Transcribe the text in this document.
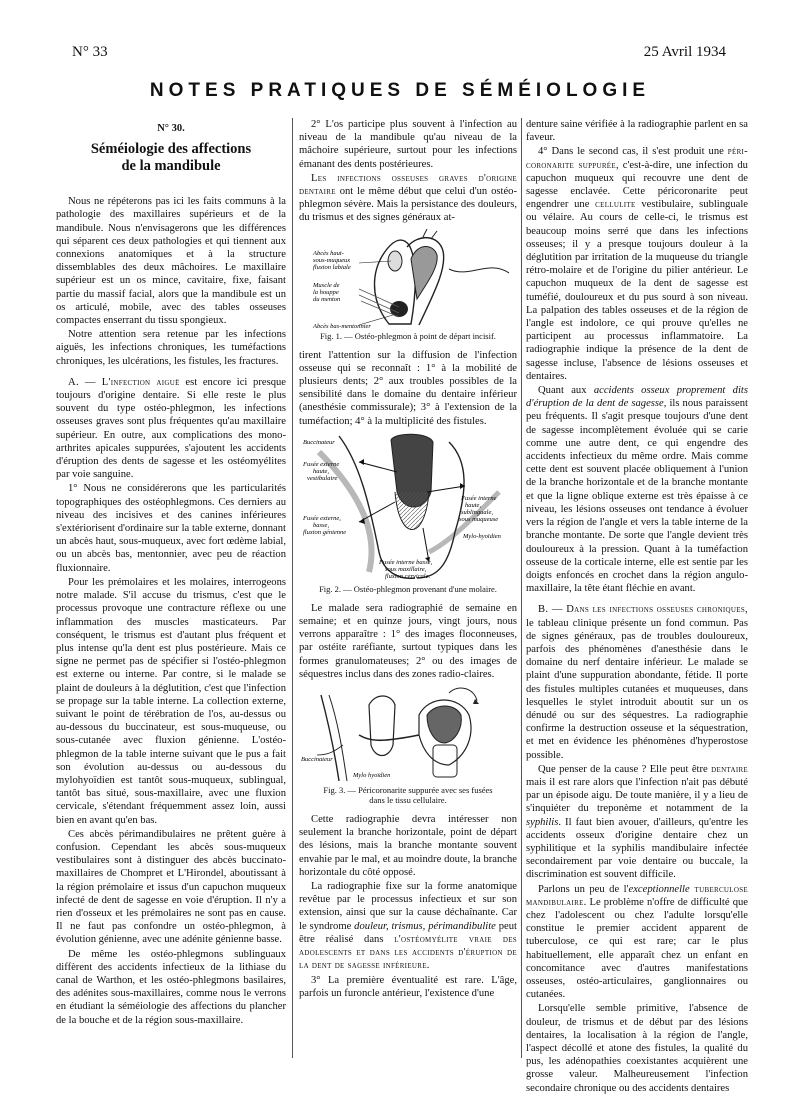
N° 33	25 Avril 1934
NOTES PRATIQUES DE SÉMÉIOLOGIE
N° 30.
Séméiologie des affections
de la mandibule

Nous ne répéterons pas ici les faits communs à la pathologie des maxillaires supérieurs et de la mandibule. Nous n'envisagerons que les différences qui séparent ces deux pathologies et qui tiennent aux connexions anatomiques et à la structure dissemblables des deux mâchoires. Le maxillaire supérieur est un os mince, cavitaire, fixe, faisant partie du massif facial, alors que la mandibule est un os articulé, mobile, avec des tables osseuses compactes enserrant du tissu spongieux.

Notre attention sera retenue par les infections aiguës, les infections chroniques, les tuméfactions chroniques, les ulcérations, les fistules, les fractures.

A. — L'infection aiguë est encore ici presque toujours d'origine dentaire. Si elle reste le plus souvent du type ostéo-phlegmon, les infections osseuses graves sont plus fréquentes qu'au maxillaire supérieur. En outre, aux complications des mono-arthrites apicales suppurées, s'ajoutent les accidents d'éruption des dents de sagesse et les ostéomyélites par voie sanguine.

1° Nous ne considérerons que les particularités topographiques des ostéophlegmons. Ces derniers au niveau des incisives et des canines inférieures s'extériorisent d'ordinaire sur la table externe, donnant un abcès haut, sous-muqueux, avec fort œdème labial, ou un abcès bas, mentonnier, avec peu de réaction fluxionnaire.

Pour les prémolaires et les molaires, interrogeons notre malade. S'il accuse du trismus, c'est que le processus provoque une contracture réflexe ou une inflammation des muscles masticateurs. Par conséquent, le trismus est d'autant plus fréquent et plus intense qu'la dent est plus postérieure. Mais ce signe ne permet pas de spécifier si l'ostéo-phlegmon est externe ou interne. Par contre, si le malade se plaint de douleurs à la déglutition, c'est que l'infection se propage sur la table interne. La collection externe, suivant le point de térébration de l'os, au-dessus ou au-dessous du buccinateur, est sous-muqueuse, ou sous-cutanée avec fluxion génienne. L'ostéo-phlegmon de la table interne suivant que le pus a fait son évolution au-dessus ou au-dessous du mylohyoïdien est tantôt sous-muqueux, sublingual, tantôt bas situé, sous-maxillaire, avec une fluxion cervicale, s'étendant fréquemment assez loin, aussi bien en avant qu'en bas.

Ces abcès périmandibulaires ne prêtent guère à confusion. Cependant les abcès sous-muqueux vestibulaires sont à distinguer des abcès buccinato-maxillaires de Chompret et L'Hirondel, aboutissant à la région prémolaire et issus d'un capuchon muqueux infecté de dent de sagesse en voie d'éruption. Il n'y a rien d'osseux et les prémolaires ne sont pas en cause. Il ne faut pas confondre un ostéo-phlegmon, à évolution génienne, avec une adénite génienne basse.

De même les ostéo-phlegmons sublinguaux diffèrent des accidents infectieux de la lithiase du canal de Warthon, et les ostéo-phlegmons basilaires, des adénites sous-maxillaires, comme nous le verrons en étudiant la séméiologie des affections du plancher de la bouche et de la région sous-maxillaire.

2° L'os participe plus souvent à l'infection au niveau de la mandibule qu'au niveau de la mâchoire supérieure, surtout pour les infections émanant des dents postérieures.

Les infections osseuses graves d'origine dentaire ont le même début que celui d'un ostéo-phlegmon sévère. Mais la persistance des douleurs, du trismus et des signes généraux at-

Abcès haut-
sous-muqueux
fluxion labiale
Muscle de
la houppe
du menton
Abcès bas-mentonnier
Fig. 1. — Ostéo-phlegmon à point de départ incisif.

tirent l'attention sur la diffusion de l'infection osseuse qui se reconnaît : 1° à la mobilité de plusieurs dents; 2° aux troubles possibles de la sensibilité dans le domaine du dentaire inférieur (anesthésie commissurale); 3° à l'extension de la tuméfaction; 4° à la multiplicité des fistules.

Buccinateur
Fusée externe
haute,
vestibulaire
Fusée externe,
basse,
fluxion génienne
Fusée interne
haute,
sublinguale,
sous muqueuse
Mylo-hyoïdien
Fusée interne basse,
sous maxillaire,
fluxion cervicale.
Fig. 2. — Ostéo-phlegmon provenant d'une molaire.

Le malade sera radiographié de semaine en semaine; et en quinze jours, vingt jours, nous verrons apparaître : 1° des images floconneuses, par ostéite raréfiante, surtout typiques dans les formes granulomateuses; 2° ou des images de séquestres inclus dans des zones radio-claires.

Buccinateur
Mylo hyoïdien
Fig. 3. — Péricoronarite suppurée avec ses fusées
dans le tissu cellulaire.

Cette radiographie devra intéresser non seulement la branche horizontale, point de départ des lésions, mais la branche montante souvent envahie par le mal, et au moindre doute, la branche horizontale du côté opposé.

La radiographie fixe sur la forme anatomique revêtue par le processus infectieux et sur son extension, ainsi que sur la cause déchaînante. Car le syndrome douleur, trismus, périmandibulite peut être réalisé dans l'ostéomyélite vraie des adolescents et dans les accidents d'éruption de la dent de sagesse inférieure.

3° La première éventualité est rare. L'âge, parfois un furoncle antérieur, l'existence d'une

denture saine vérifiée à la radiographie parlent en sa faveur.

4° Dans le second cas, il s'est produit une péri-coronarite suppurée, c'est-à-dire, une infection du capuchon muqueux qui recouvre une dent de sagesse enclavée. Cette péricoronarite peut engendrer une cellulite vestibulaire, sublinguale ou vélaire. Au cours de celle-ci, le trismus est beaucoup moins serré que dans les infections osseuses; il y a presque toujours douleur à la déglutition par irritation de la muqueuse du triangle rétro-molaire et de l'origine du pilier antérieur. Le capuchon muqueux de la dent de sagesse est tuméfié, douloureux et du pus sourd à son niveau. La palpation des tables osseuses et de la région de l'angle est indolore, ce qui prouve qu'elles ne participent au processus inflammatoire. La radiographie indique la présence de la dent de sagesse incluse, l'absence de lésions osseuses et dentaires.

Quant aux accidents osseux proprement dits d'éruption de la dent de sagesse, ils nous paraissent peu fréquents. Il s'agit presque toujours d'une dent de sagesse incomplètement évoluée qui se carie comme une autre dent, ce qui engendre des accidents infectieux du même ordre. Mais comme cette dent est souvent placée obliquement à l'union de la branche horizontale et de la branche montante et que la ligne oblique externe est très épaisse à ce niveau, les lésions osseuses ont tendance à évoluer vers la région de l'angle et vers la table interne de la branche montante. De sorte que l'angle devient très douloureux à la pression. Quant à la tuméfaction osseuse de la corticale interne, elle est sentie par les doigts enfoncés en crochet dans la région angulo-maxillaire, la tête étant fléchie en avant.

B. — Dans les infections osseuses chroniques, le tableau clinique présente un fond commun. Pas de signes généraux, pas de troubles douloureux, parfois des phénomènes d'anesthésie dans le domaine du nerf dentaire inférieur. Le malade se plaint d'une suppuration abondante, fétide. Il porte des fistules multiples cutanées et muqueuses, dans lesquelles le stylet introduit aboutit sur un os dénudé ou sur des séquestres. La radiographie confirme la destruction osseuse et la séquestration, et met en évidence les phénomènes d'hyperostose possible.

Que penser de la cause ? Elle peut être dentaire mais il est rare alors que l'infection n'ait pas débuté par un épisode aigu. De toute manière, il y a lieu de s'inquiéter du treponème et notamment de la syphilis. Il faut bien avouer, d'ailleurs, qu'entre les accidents osseux d'origine dentaire chez un syphilitique et la syphilis mandibulaire infectée secondairement par voie dentaire ou buccale, la discrimination est souvent difficile.

Parlons un peu de l'exceptionnelle tuberculose mandibulaire. Le problème n'offre de difficulté que chez l'adolescent ou chez l'adulte lorsqu'elle constitue le premier accident apparent de tuberculose, ce qui est rare; car le plus habituellement, elle apparaît chez un enfant en concomitance avec d'autres manifestations osseuses, ostéo-articulaires, ganglionnaires ou cutanées.

Lorsqu'elle semble primitive, l'absence de douleur, de trismus et de début par des lésions dentaires, la localisation à la région de l'angle, l'aspect décollé et atone des fistules, la qualité du pus, les adénopathies coexistantes acquièrent une grosse valeur. Malheureusement l'infection secondaire chronique ou des accidents dentaires
